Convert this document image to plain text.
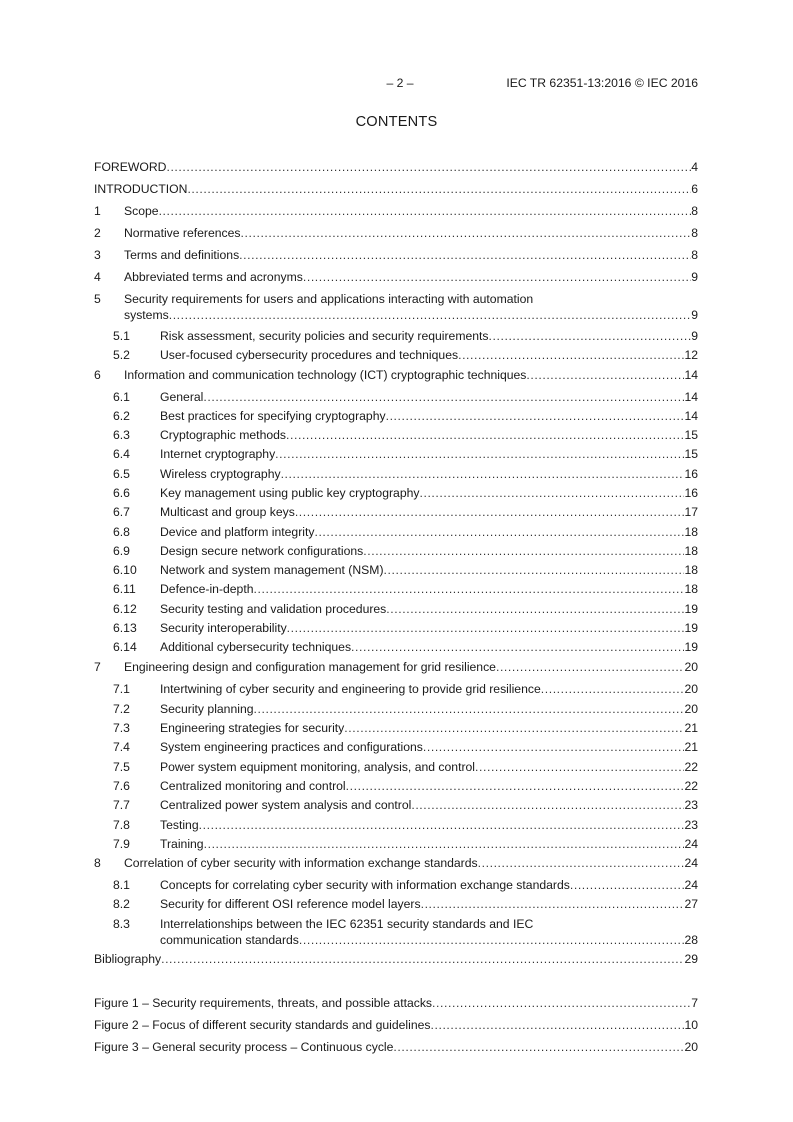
– 2 –	IEC TR 62351-13:2016 © IEC 2016
CONTENTS
FOREWORD .....	4
INTRODUCTION .....	6
1 Scope .....	8
2 Normative references .....	8
3 Terms and definitions .....	8
4 Abbreviated terms and acronyms .....	9
5 Security requirements for users and applications interacting with automation
systems .....	9
5.1 Risk assessment, security policies and security requirements .....	9
5.2 User-focused cybersecurity procedures and techniques .....	12
6 Information and communication technology (ICT) cryptographic techniques .....	14
6.1 General .....	14
6.2 Best practices for specifying cryptography .....	14
6.3 Cryptographic methods .....	15
6.4 Internet cryptography .....	15
6.5 Wireless cryptography .....	16
6.6 Key management using public key cryptography .....	16
6.7 Multicast and group keys .....	17
6.8 Device and platform integrity .....	18
6.9 Design secure network configurations .....	18
6.10 Network and system management (NSM) .....	18
6.11 Defence-in-depth .....	18
6.12 Security testing and validation procedures .....	19
6.13 Security interoperability .....	19
6.14 Additional cybersecurity techniques .....	19
7 Engineering design and configuration management for grid resilience .....	20
7.1 Intertwining of cyber security and engineering to provide grid resilience .....	20
7.2 Security planning .....	20
7.3 Engineering strategies for security .....	21
7.4 System engineering practices and configurations .....	21
7.5 Power system equipment monitoring, analysis, and control .....	22
7.6 Centralized monitoring and control .....	22
7.7 Centralized power system analysis and control .....	23
7.8 Testing .....	23
7.9 Training .....	24
8 Correlation of cyber security with information exchange standards .....	24
8.1 Concepts for correlating cyber security with information exchange standards .....	24
8.2 Security for different OSI reference model layers .....	27
8.3 Interrelationships between the IEC 62351 security standards and IEC
communication standards .....	28
Bibliography .....	29
Figure 1 – Security requirements, threats, and possible attacks .....	7
Figure 2 – Focus of different security standards and guidelines .....	10
Figure 3 – General security process – Continuous cycle .....	20
